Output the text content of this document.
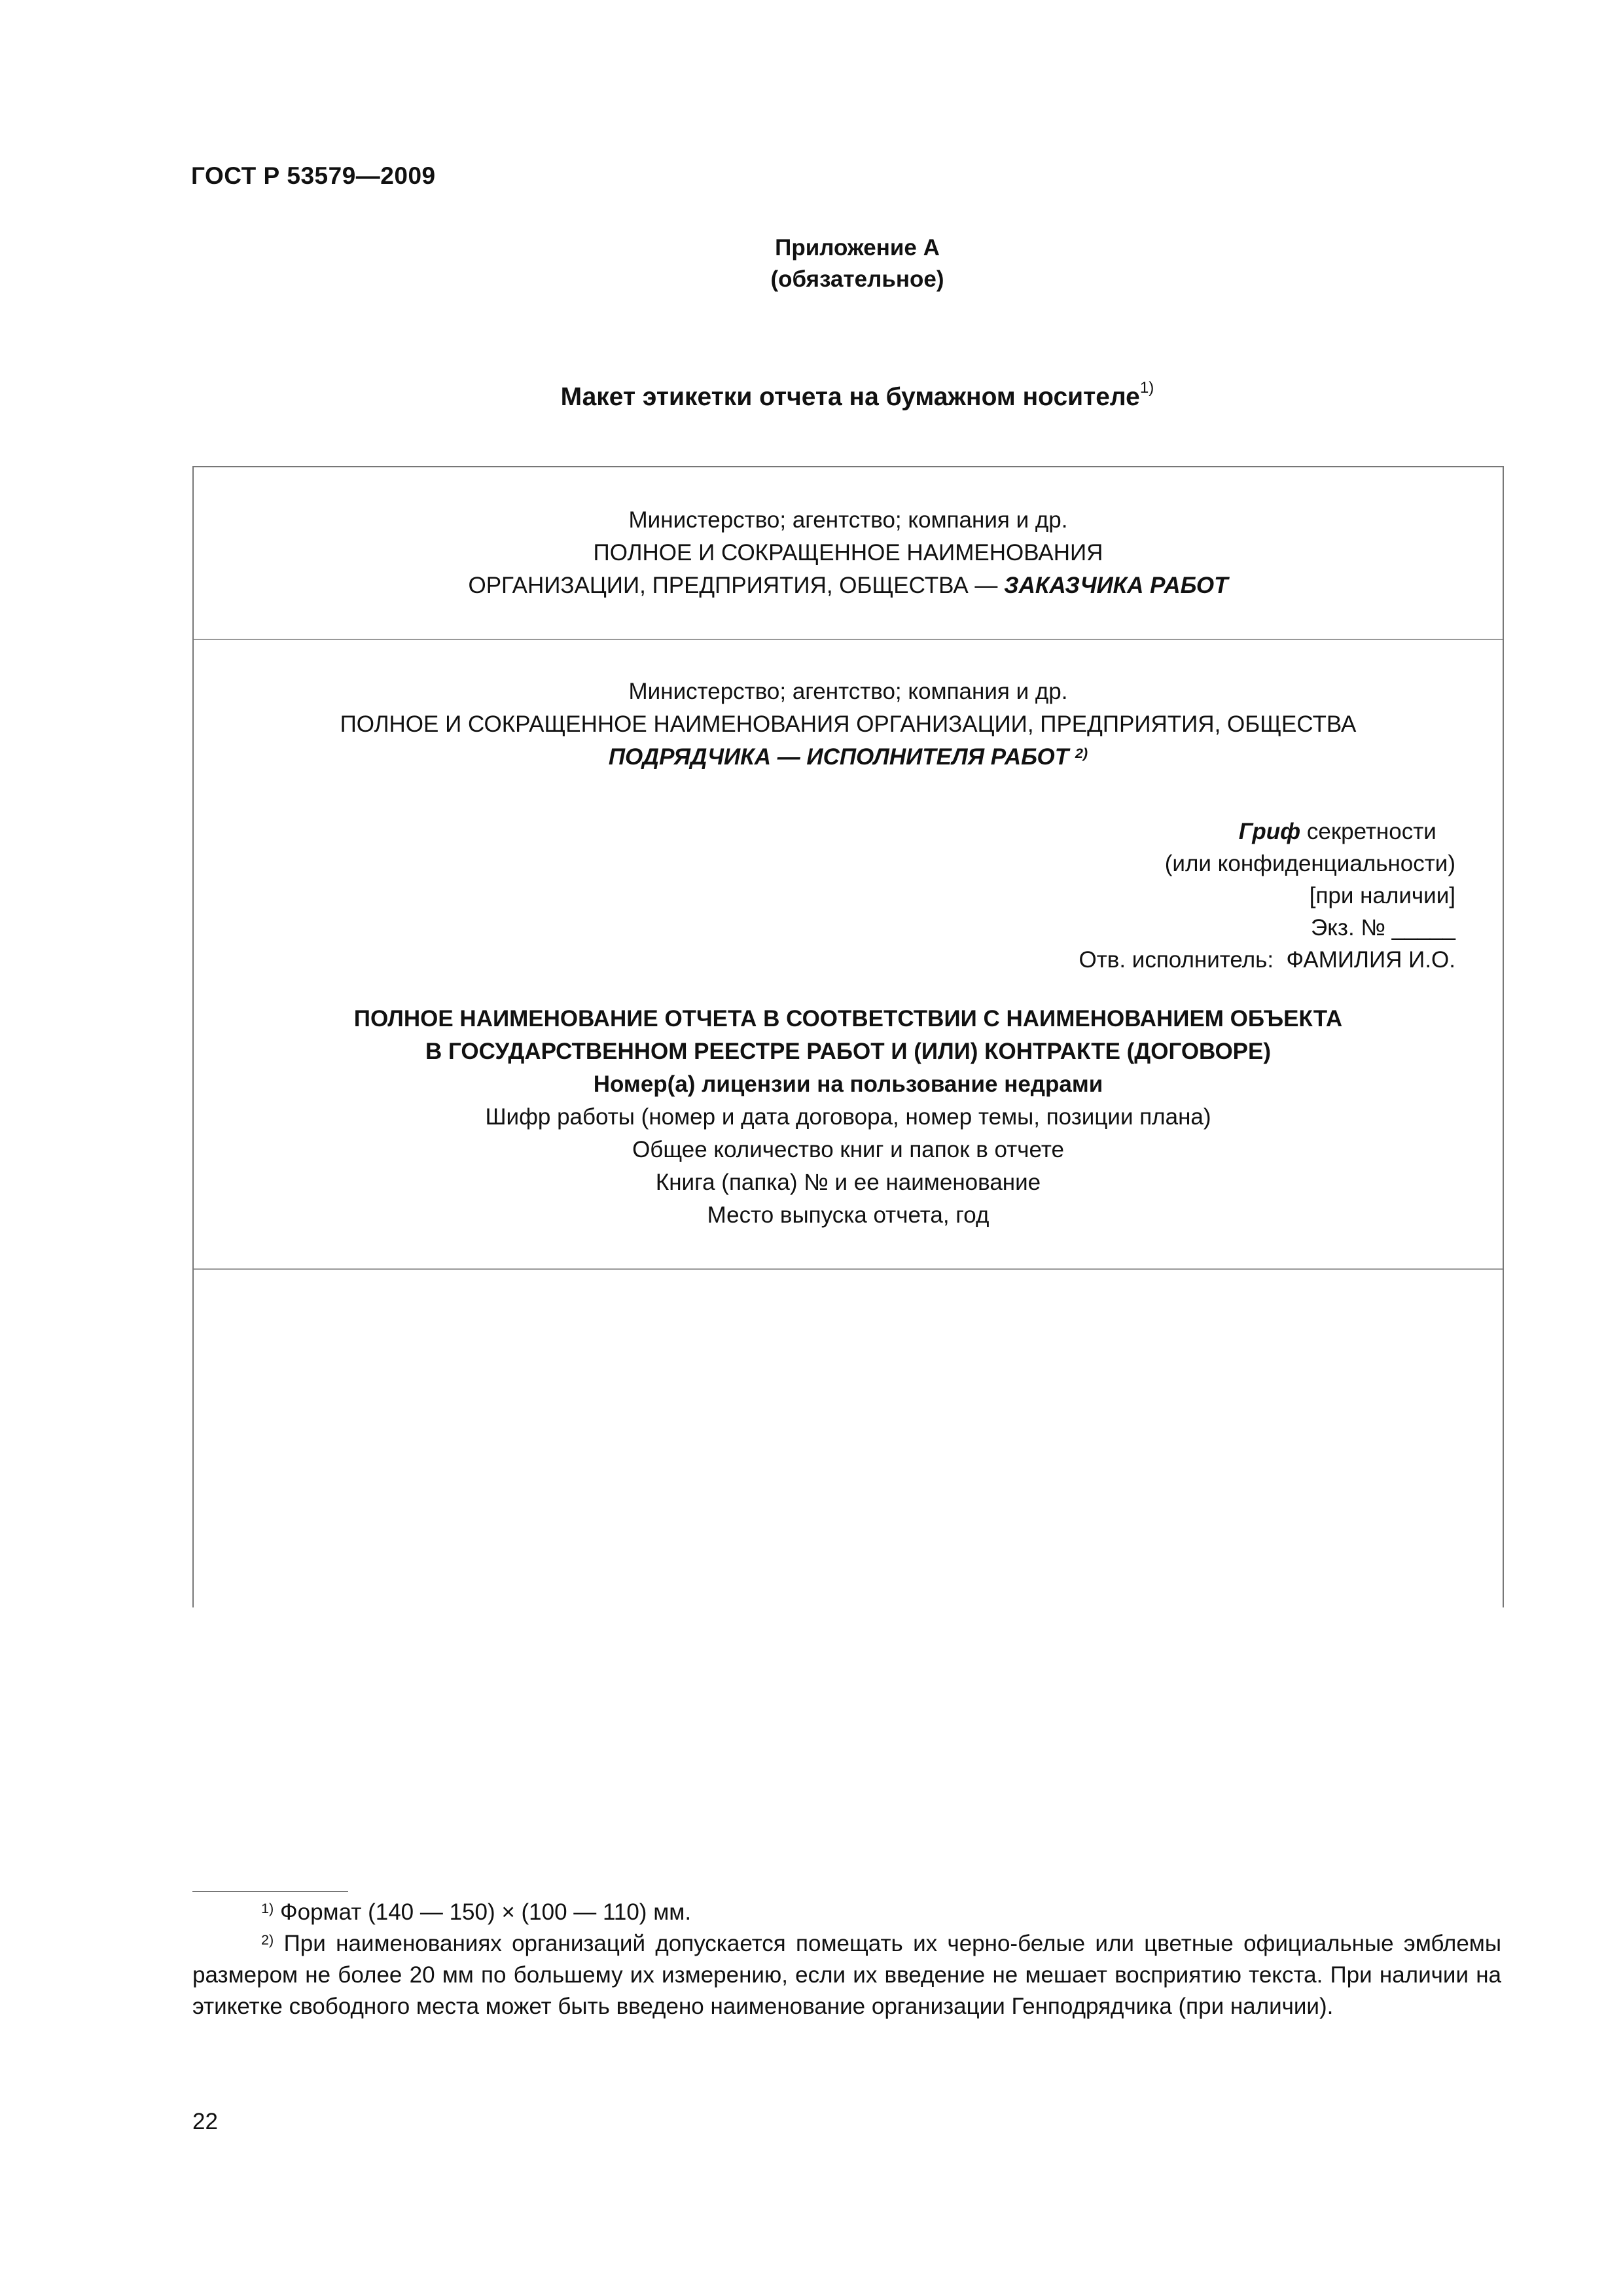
ГОСТ Р 53579—2009
Приложение А
(обязательное)
Макет этикетки отчета на бумажном носителе$^{1)}$
Министерство; агентство; компания и др.
ПОЛНОЕ И СОКРАЩЕННОЕ НАИМЕНОВАНИЯ
ОРГАНИЗАЦИИ, ПРЕДПРИЯТИЯ, ОБЩЕСТВА — ЗАКАЗЧИКА РАБОТ
Министерство; агентство; компания и др.
ПОЛНОЕ И СОКРАЩЕННОЕ НАИМЕНОВАНИЯ ОРГАНИЗАЦИИ, ПРЕДПРИЯТИЯ, ОБЩЕСТВА
ПОДРЯДЧИКА — ИСПОЛНИТЕЛЯ РАБОТ $^{2)}$
Гриф секретности
(или конфиденциальности)
[при наличии]
Экз. № _____
Отв. исполнитель:  ФАМИЛИЯ И.О.
ПОЛНОЕ НАИМЕНОВАНИЕ ОТЧЕТА В СООТВЕТСТВИИ С НАИМЕНОВАНИЕМ ОБЪЕКТА
В ГОСУДАРСТВЕННОМ РЕЕСТРЕ РАБОТ И (ИЛИ) КОНТРАКТЕ (ДОГОВОРЕ)
Номер(а) лицензии на пользование недрами
Шифр работы (номер и дата договора, номер темы, позиции плана)
Общее количество книг и папок в отчете
Книга (папка) № и ее наименование
Место выпуска отчета, год
$^{1)}$ Формат (140 — 150) × (100 — 110) мм.
$^{2)}$ При наименованиях организаций допускается помещать их черно-белые или цветные официальные эмблемы размером не более 20 мм по большему их измерению, если их введение не мешает восприятию текста. При наличии на этикетке свободного места может быть введено наименование организации Генподрядчика (при наличии).
22
